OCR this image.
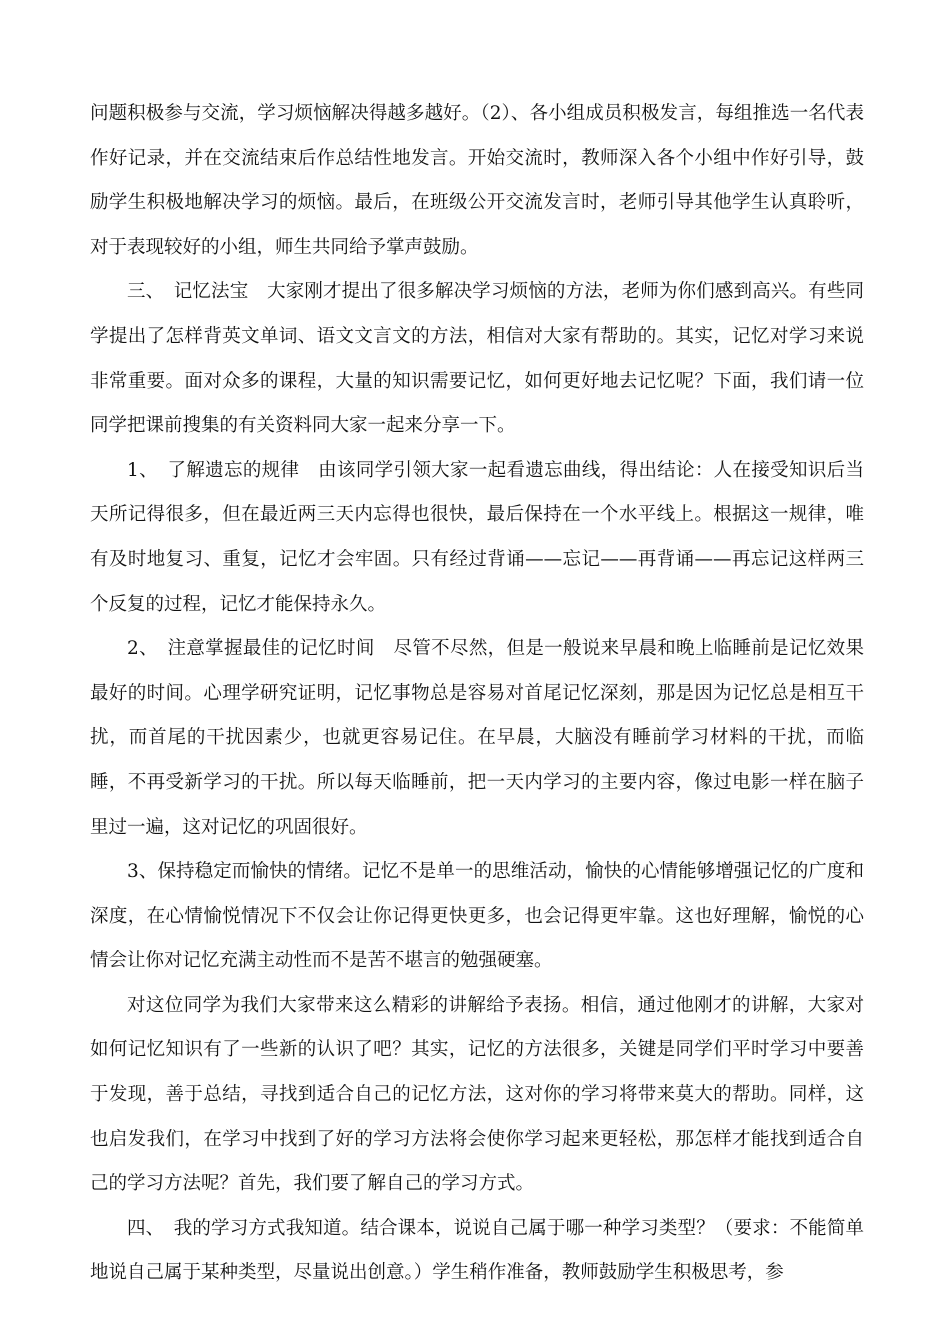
问题积极参与交流，学习烦恼解决得越多越好。（2）、各小组成员积极发言，每组推选一名代表作好记录，并在交流结束后作总结性地发言。开始交流时，教师深入各个小组中作好引导，鼓励学生积极地解决学习的烦恼。最后，在班级公开交流发言时，老师引导其他学生认真聆听，对于表现较好的小组，师生共同给予掌声鼓励。

三、　记忆法宝　大家刚才提出了很多解决学习烦恼的方法，老师为你们感到高兴。有些同学提出了怎样背英文单词、语文文言文的方法，相信对大家有帮助的。其实，记忆对学习来说非常重要。面对众多的课程，大量的知识需要记忆，如何更好地去记忆呢？下面，我们请一位同学把课前搜集的有关资料同大家一起来分享一下。

1、　了解遗忘的规律　由该同学引领大家一起看遗忘曲线，得出结论：人在接受知识后当天所记得很多，但在最近两三天内忘得也很快，最后保持在一个水平线上。根据这一规律，唯有及时地复习、重复，记忆才会牢固。只有经过背诵——忘记——再背诵——再忘记这样两三个反复的过程，记忆才能保持永久。

2、　注意掌握最佳的记忆时间　尽管不尽然，但是一般说来早晨和晚上临睡前是记忆效果最好的时间。心理学研究证明，记忆事物总是容易对首尾记忆深刻，那是因为记忆总是相互干扰，而首尾的干扰因素少，也就更容易记住。在早晨，大脑没有睡前学习材料的干扰，而临睡，不再受新学习的干扰。所以每天临睡前，把一天内学习的主要内容，像过电影一样在脑子里过一遍，这对记忆的巩固很好。

3、保持稳定而愉快的情绪。记忆不是单一的思维活动，愉快的心情能够增强记忆的广度和深度，在心情愉悦情况下不仅会让你记得更快更多，也会记得更牢靠。这也好理解，愉悦的心情会让你对记忆充满主动性而不是苦不堪言的勉强硬塞。

对这位同学为我们大家带来这么精彩的讲解给予表扬。相信，通过他刚才的讲解，大家对如何记忆知识有了一些新的认识了吧？其实，记忆的方法很多，关键是同学们平时学习中要善于发现，善于总结，寻找到适合自己的记忆方法，这对你的学习将带来莫大的帮助。同样，这也启发我们，在学习中找到了好的学习方法将会使你学习起来更轻松，那怎样才能找到适合自己的学习方法呢？首先，我们要了解自己的学习方式。

四、　我的学习方式我知道。结合课本，说说自己属于哪一种学习类型？（要求：不能简单地说自己属于某种类型，尽量说出创意。）学生稍作准备，教师鼓励学生积极思考，参
